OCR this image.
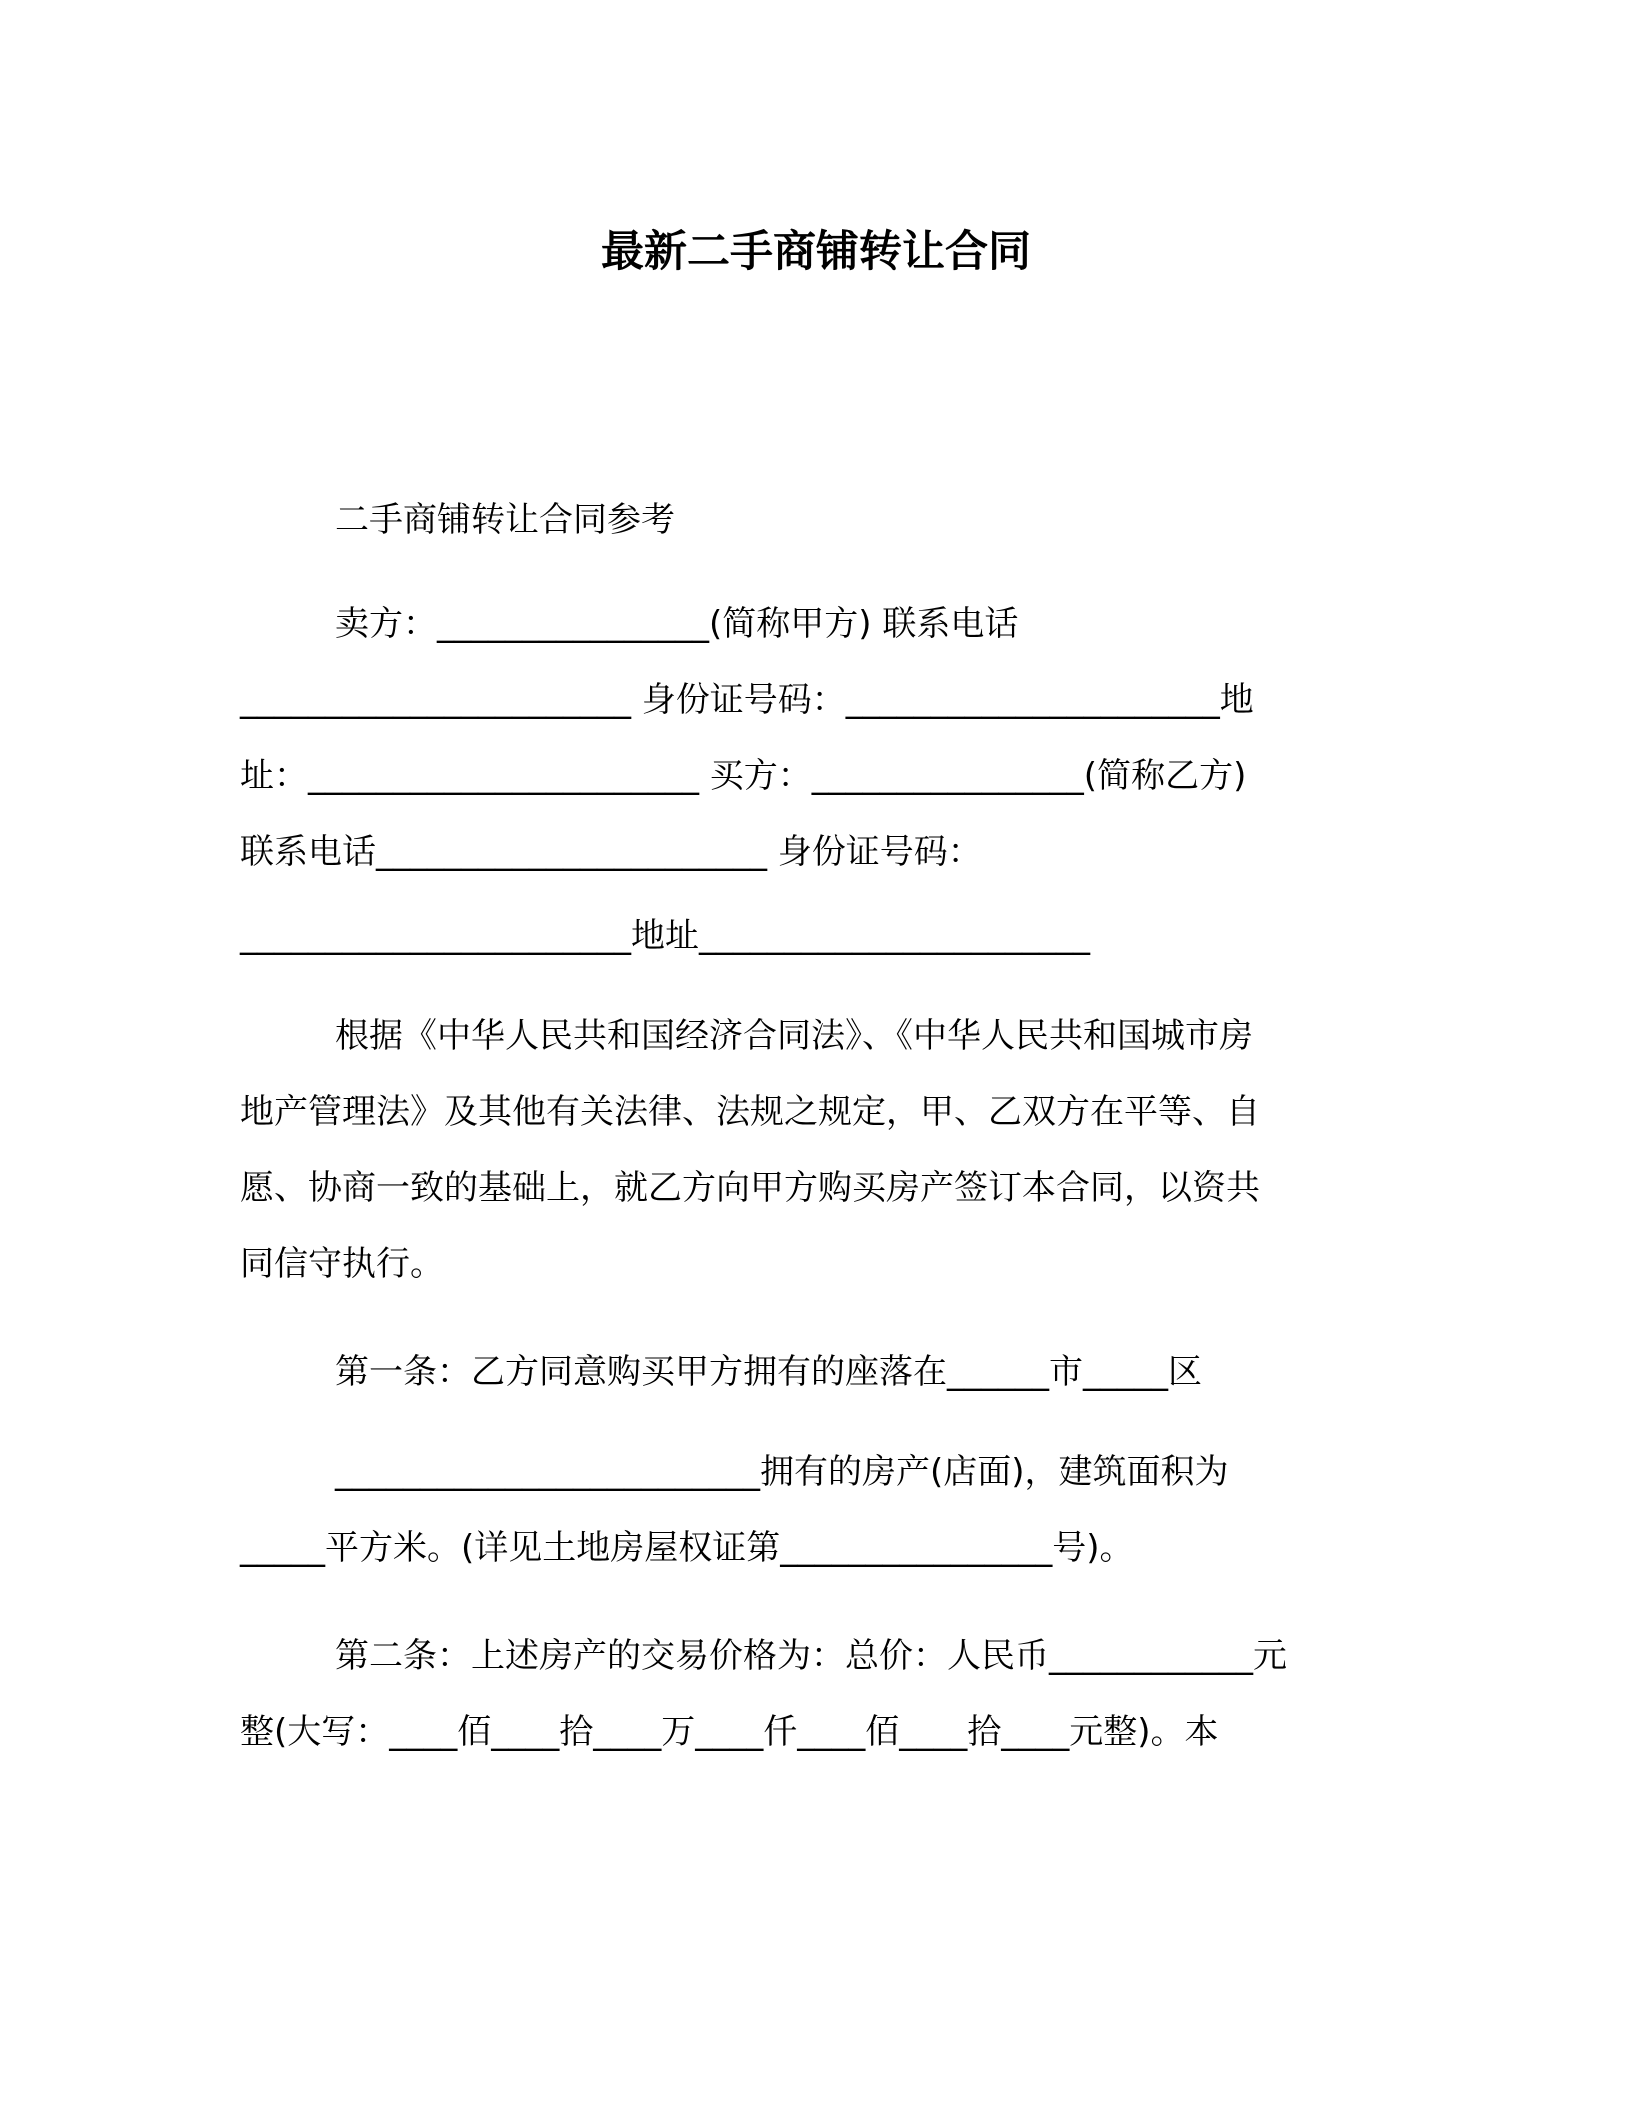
最新二手商铺转让合同
二手商铺转让合同参考
卖方：________________(简称甲方) 联系电话
_______________________ 身份证号码：______________________地
址：_______________________ 买方：________________(简称乙方)
联系电话_______________________ 身份证号码：
_______________________地址_______________________
根据《中华人民共和国经济合同法》、《中华人民共和国城市房
地产管理法》及其他有关法律、法规之规定，甲、乙双方在平等、自
愿、协商一致的基础上，就乙方向甲方购买房产签订本合同，以资共
同信守执行。
第一条：乙方同意购买甲方拥有的座落在______市_____区
_________________________拥有的房产(店面)，建筑面积为
_____平方米。(详见土地房屋权证第________________号)。
第二条：上述房产的交易价格为：总价：人民币____________元
整(大写：____佰____拾____万____仟____佰____拾____元整)。本
